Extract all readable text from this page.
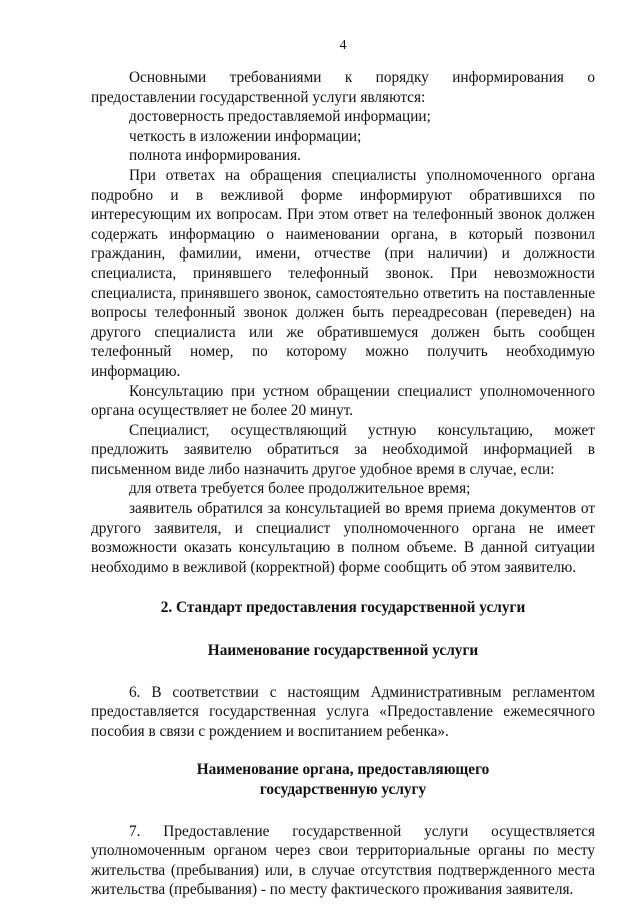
4

Основными требованиями к порядку информирования о предоставлении государственной услуги являются:

достоверность предоставляемой информации;

четкость в изложении информации;

полнота информирования.

При ответах на обращения специалисты уполномоченного органа подробно и в вежливой форме информируют обратившихся по интересующим их вопросам. При этом ответ на телефонный звонок должен содержать информацию о наименовании органа, в который позвонил гражданин, фамилии, имени, отчестве (при наличии) и должности специалиста, принявшего телефонный звонок. При невозможности специалиста, принявшего звонок, самостоятельно ответить на поставленные вопросы телефонный звонок должен быть переадресован (переведен) на другого специалиста или же обратившемуся должен быть сообщен телефонный номер, по которому можно получить необходимую информацию.

Консультацию при устном обращении специалист уполномоченного органа осуществляет не более 20 минут.

Специалист, осуществляющий устную консультацию, может предложить заявителю обратиться за необходимой информацией в письменном виде либо назначить другое удобное время в случае, если:

для ответа требуется более продолжительное время;

заявитель обратился за консультацией во время приема документов от другого заявителя, и специалист уполномоченного органа не имеет возможности оказать консультацию в полном объеме. В данной ситуации необходимо в вежливой (корректной) форме сообщить об этом заявителю.

2. Стандарт предоставления государственной услуги

Наименование государственной услуги

6. В соответствии с настоящим Административным регламентом предоставляется государственная услуга «Предоставление ежемесячного пособия в связи с рождением и воспитанием ребенка».

Наименование органа, предоставляющего

государственную услугу

7. Предоставление государственной услуги осуществляется уполномоченным органом через свои территориальные органы по месту жительства (пребывания) или, в случае отсутствия подтвержденного места жительства (пребывания) - по месту фактического проживания заявителя.
